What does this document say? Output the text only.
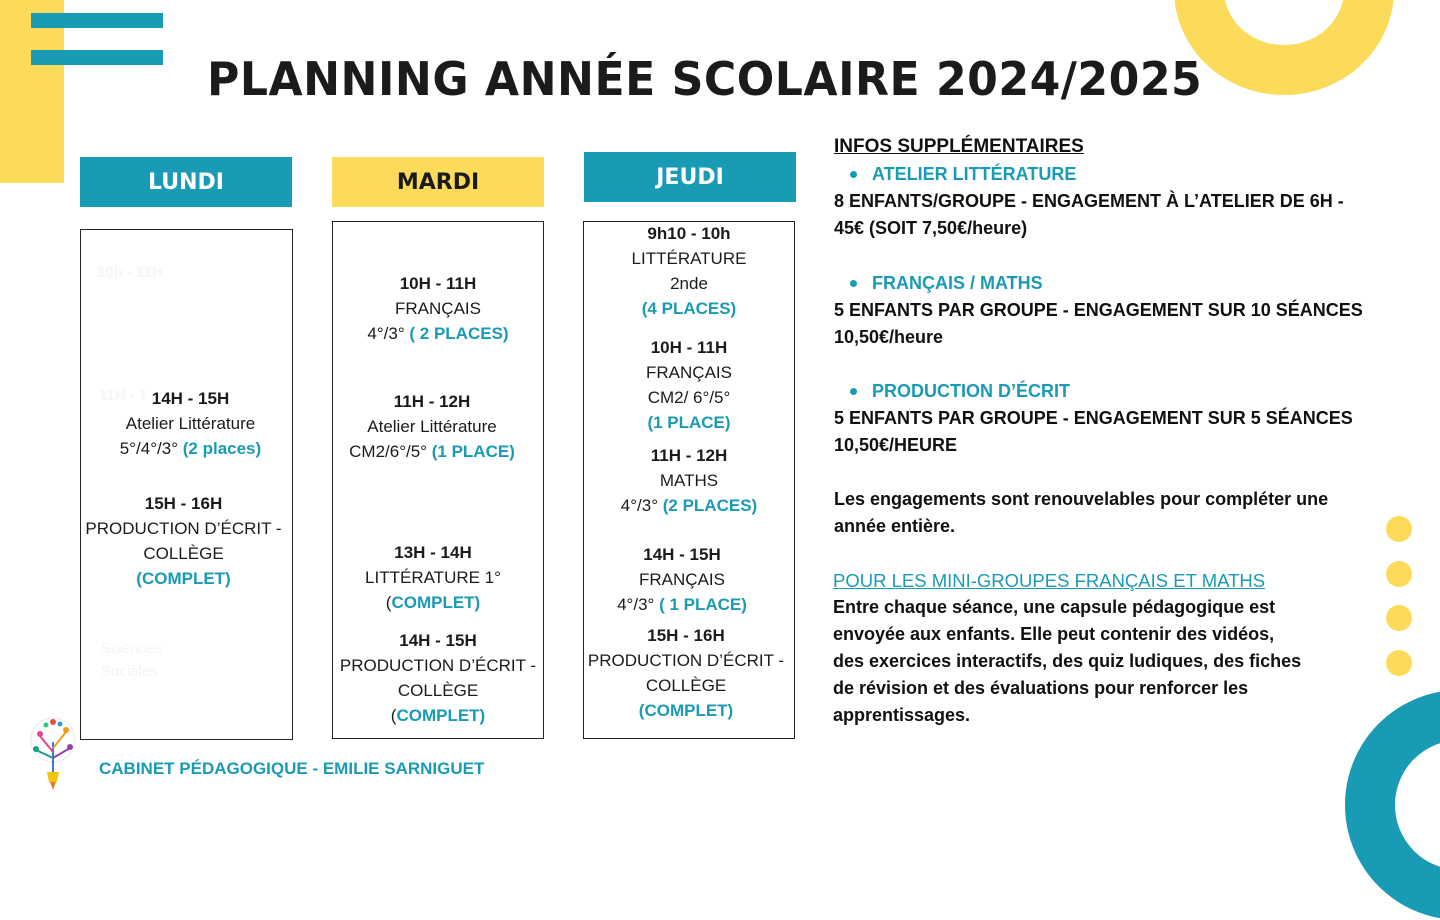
PLANNING ANNÉE SCOLAIRE 2024/2025
LUNDI
10h - 11H
11H - 1
Sciences
Sociales
14H - 15H
Atelier Littérature
5°/4°/3° (2 places)
15H - 16H
PRODUCTION D’ÉCRIT -
COLLÈGE
(COMPLET)
MARDI
10H - 11H
FRANÇAIS
4°/3° ( 2 PLACES)
11H - 12H
Atelier Littérature
CM2/6°/5° (1 PLACE)
13H - 14H
LITTÉRATURE 1°
(COMPLET)
14H - 15H
PRODUCTION D’ÉCRIT -
COLLÈGE
(COMPLET)
JEUDI
9h10 - 10h
LITTÉRATURE
2nde
(4 PLACES)
10H - 11H
FRANÇAIS
CM2/ 6°/5°
(1 PLACE)
11H - 12H
MATHS
4°/3° (2 PLACES)
14H - 15H
FRANÇAIS
4°/3° ( 1 PLACE)
15H - 16H
PRODUCTION D’ÉCRIT -
COLLÈGE
(COMPLET)
INFOS SUPPLÉMENTAIRES
ATELIER LITTÉRATURE
8 ENFANTS/GROUPE - ENGAGEMENT À L’ATELIER DE 6H -
45€ (SOIT 7,50€/heure)
FRANÇAIS / MATHS
5 ENFANTS PAR GROUPE - ENGAGEMENT SUR 10 SÉANCES
10,50€/heure
PRODUCTION D’ÉCRIT
5 ENFANTS PAR GROUPE - ENGAGEMENT SUR 5 SÉANCES
10,50€/HEURE
Les engagements sont renouvelables pour compléter une
année entière.
POUR LES MINI-GROUPES FRANÇAIS ET MATHS
Entre chaque séance, une capsule pédagogique est
envoyée aux enfants. Elle peut contenir des vidéos,
des exercices interactifs, des quiz ludiques, des fiches
de révision et des évaluations pour renforcer les
apprentissages.
CABINET PÉDAGOGIQUE - EMILIE SARNIGUET
